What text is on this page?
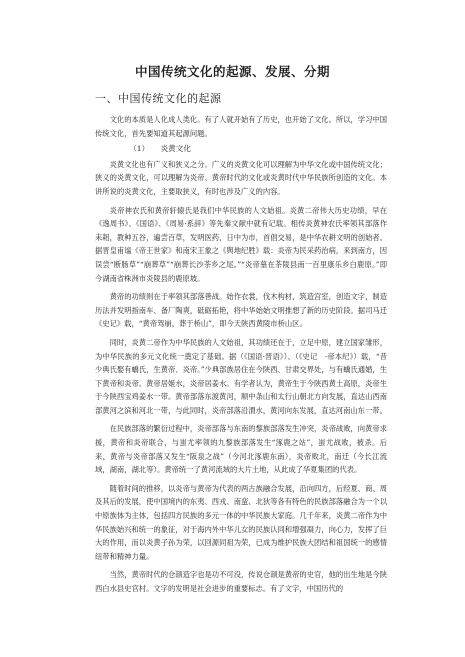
中国传统文化的起源、发展、分期
一、中国传统文化的起源

文化的本质是人化成人类化。有了人就开始有了历史，也开始了文化。所以，学习中国传统文化，首先要知道其起源问题。

（1）　　炎黄文化

炎黄文化也有广义和狭义之分。广义的炎黄文化可以理解为中华文化或中国传统文化；狭义的炎黄文化，可以理解为炎帝、黄帝时代的文化或炎黄时代中华民族所创造的文化。本讲所说的炎黄文化，主要取狭义，有时也涉及广义的内容。

炎帝神农氏和黄帝轩辕氏是我们中华民族的人文始祖。炎黄二帝伟大历史功绩，早在《逸周书》、《国语》、《周易·系辞》等先秦文献中就有记载。相传炎黄神农氏率领其部落作耒耜，教种五谷，遍尝百草，发明医药，日中为市，首倡交易，是中华农耕文明的创始者。据晋皇甫谧《帝王世家》和南宋王象之《舆地纪胜》载：炎帝为民采药治病，来到南方，因误尝“断肠草”“崩葬草”“崩葬长沙茶乡之尾。”“炎帝墓在茶陵县南一百里康乐乡白鹿原。”即今湖南省株洲市炎陵县的鹿原坡。

黄帝的功绩则在于率领其部落善战。始作衣裳，伐木构材，筑造宫室，创造文字，制造历法并发明指南车、备厂陶爽，砥砺拓艳，将中华始始文明推想了新的历史阶段。据司马迁《史记》载，“黄帝驾崩，葬于桥山”，即今天陕西黄陵市桥山区。

同时，炎黄二帝作为中华民族的人文始祖，其功绩还在于，立足中原，建立国家雏形，为中华民族的多元文化统一奠定了基础。据（《国语·晋语》）、（《史记　·帝本纪》）载，“昔少典氏娶有蟜氏，生黄帝、炎帝。”少典部族居住在今陕西、甘肃交界处，与有蟜氏通婚，生下黄帝和炎帝。黄帝居姬水，炎帝居姜水。有学者认为，黄帝生于今陕西黄土高原，炎帝生于今陕西宝鸡姜水一带。黄帝部落东渡黄河，顺中条山和太行山朝北方向发展，直达山西南部黄河之滨和河北一带，与此同时，炎帝部落沿渭水，黄河向东发展，直达河南山东一带。

在民族部落的繁衍过程中，炎帝部落与东南的黎族部落发生冲突，炎帝战败，向黄帝求援，黄帝和炎帝联合，与蚩尤率领的九黎族部落发生“涿鹿之站”，蚩尤战败，被杀。后来，黄帝与炎帝部落又发生“阪泉之战”（今河北涿鹿东南），炎帝败北，南迁（今长江流域，湖南，湖北等）。黄帝统一了黄河流域的大片土地，从此成了华夏集团的代表。

随着时间的推移，以炎帝与黄帝为代表的两古族融合发展，沿向四方，后经夏、商、周及其后的发展，使中国境内的东夷、西戎、南蛮、北狄等各有特色的民族部落融合为一个以中原族体为主体，包括四方民族的多元一体的中华民族大家庭。几千年来，炎黄二帝作为中华民族始兴和统一的象征，对于海内外中华儿女的民族认同和增强凝力，向心力，发挥了巨大的作用，而以炎黄子孙为荣，以回源同祖为荣，已成为维护民族大团结和祖国统一的感情纽带和精神力量。

当然，黄帝时代的仓颉造字也是功不可没，传说仓颉是黄帝的史官，他的出生地是今陕西白水县史官村。文字的发明是社会进步的重要标志。有了文字，中国历代的
